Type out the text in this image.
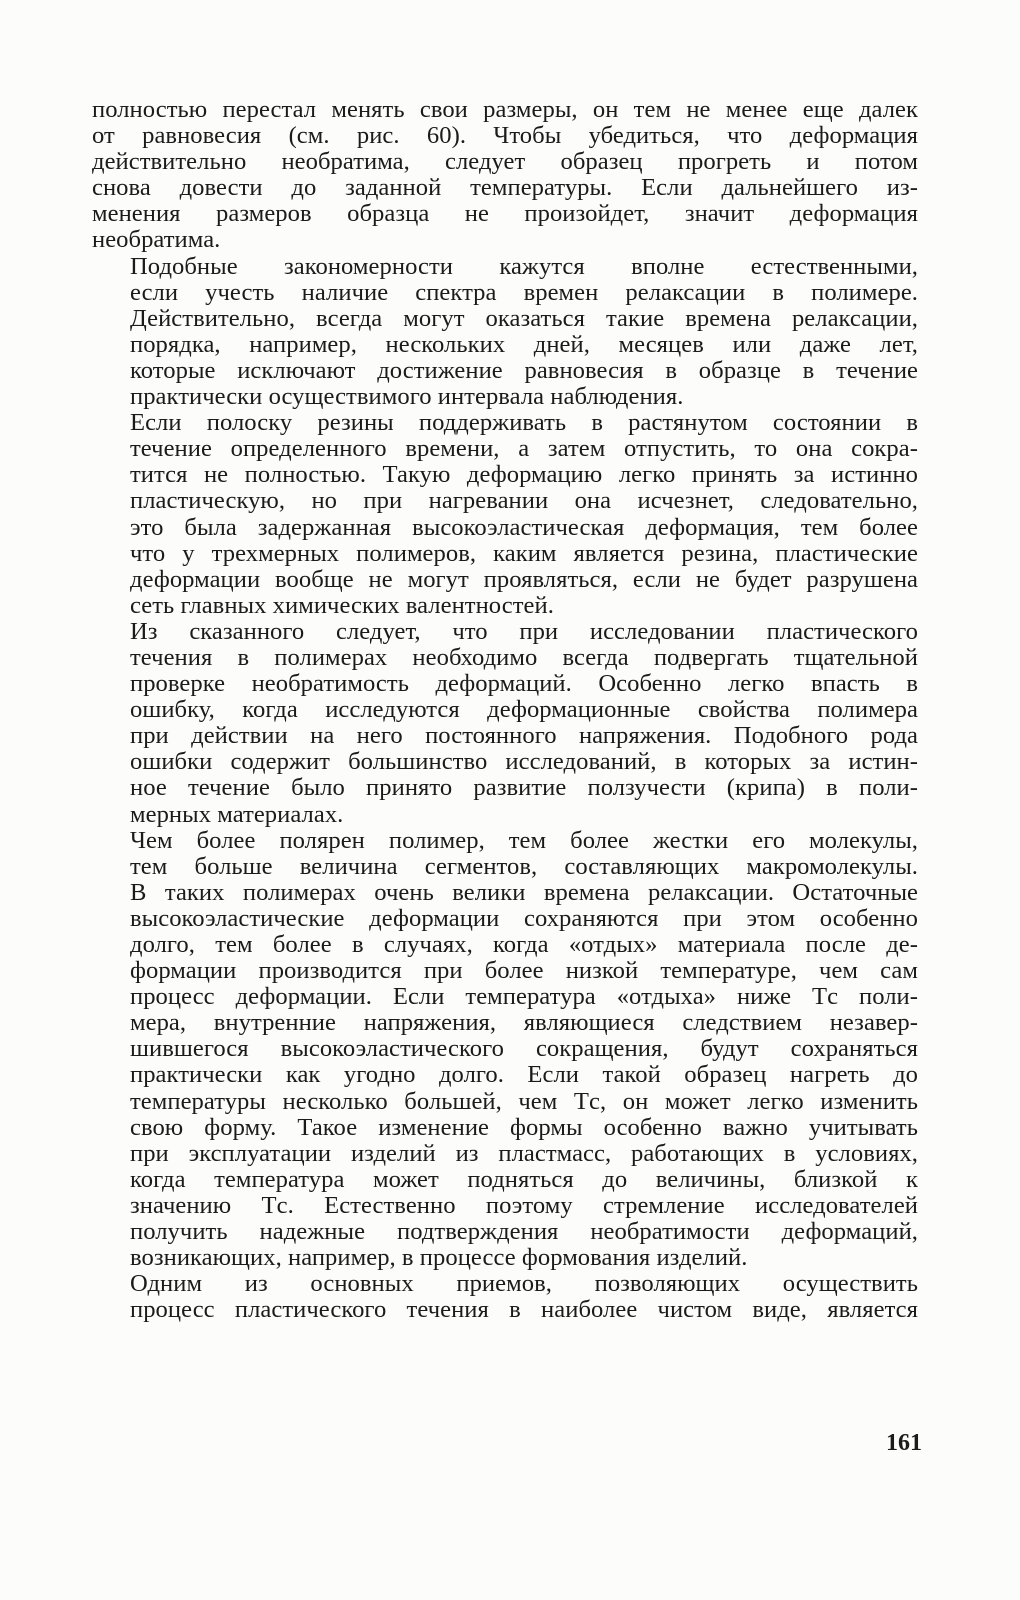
полностью перестал менять свои размеры, он тем не менее еще далек
от равновесия (см. рис. 60). Чтобы убедиться, что деформация
действительно необратима, следует образец прогреть и потом
снова довести до заданной температуры. Если дальнейшего из-
менения размеров образца не произойдет, значит деформация
необратима.

Подобные закономерности кажутся вполне естественными,
если учесть наличие спектра времен релаксации в полимере.
Действительно, всегда могут оказаться такие времена релаксации,
порядка, например, нескольких дней, месяцев или даже лет,
которые исключают достижение равновесия в образце в течение
практически осуществимого интервала наблюдения.

Если полоску резины поддерживать в растянутом состоянии в
течение определенного времени, а затем отпустить, то она сокра-
тится не полностью. Такую деформацию легко принять за истинно
пластическую, но при нагревании она исчезнет, следовательно,
это была задержанная высокоэластическая деформация, тем более
что у трехмерных полимеров, каким является резина, пластические
деформации вообще не могут проявляться, если не будет разрушена
сеть главных химических валентностей.

Из сказанного следует, что при исследовании пластического
течения в полимерах необходимо всегда подвергать тщательной
проверке необратимость деформаций. Особенно легко впасть в
ошибку, когда исследуются деформационные свойства полимера
при действии на него постоянного напряжения. Подобного рода
ошибки содержит большинство исследований, в которых за истин-
ное течение было принято развитие ползучести (крипа) в поли-
мерных материалах.

Чем более полярен полимер, тем более жестки его молекулы,
тем больше величина сегментов, составляющих макромолекулы.
В таких полимерах очень велики времена релаксации. Остаточные
высокоэластические деформации сохраняются при этом особенно
долго, тем более в случаях, когда «отдых» материала после де-
формации производится при более низкой температуре, чем сам
процесс деформации. Если температура «отдыха» ниже Tс поли-
мера, внутренние напряжения, являющиеся следствием незавер-
шившегося высокоэластического сокращения, будут сохраняться
практически как угодно долго. Если такой образец нагреть до
температуры несколько большей, чем Tс, он может легко изменить
свою форму. Такое изменение формы особенно важно учитывать
при эксплуатации изделий из пластмасс, работающих в условиях,
когда температура может подняться до величины, близкой к
значению Tс. Естественно поэтому стремление исследователей
получить надежные подтверждения необратимости деформаций,
возникающих, например, в процессе формования изделий.

Одним из основных приемов, позволяющих осуществить
процесс пластического течения в наиболее чистом виде, является

161
